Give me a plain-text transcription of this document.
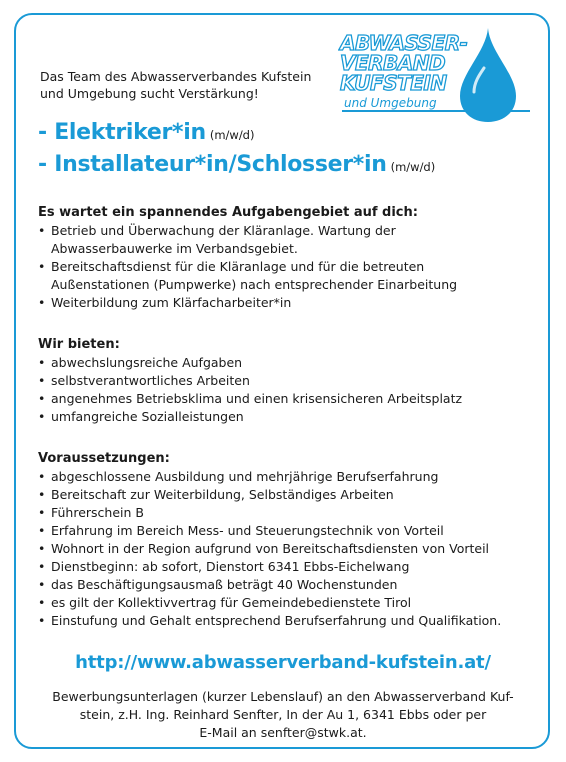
Das Team des Abwasserverbandes Kufstein
und Umgebung sucht Verstärkung!
ABWASSER-
VERBAND
KUFSTEIN
und Umgebung
- Elektriker*in (m/w/d)
- Installateur*in/Schlosser*in (m/w/d)
Es wartet ein spannendes Aufgabengebiet auf dich:
• Betrieb und Überwachung der Kläranlage. Wartung der
Abwasserbauwerke im Verbandsgebiet.
• Bereitschaftsdienst für die Kläranlage und für die betreuten
Außenstationen (Pumpwerke) nach entsprechender Einarbeitung
• Weiterbildung zum Klärfacharbeiter*in
Wir bieten:
• abwechslungsreiche Aufgaben
• selbstverantwortliches Arbeiten
• angenehmes Betriebsklima und einen krisensicheren Arbeitsplatz
• umfangreiche Sozialleistungen
Voraussetzungen:
• abgeschlossene Ausbildung und mehrjährige Berufserfahrung
• Bereitschaft zur Weiterbildung, Selbständiges Arbeiten
• Führerschein B
• Erfahrung im Bereich Mess- und Steuerungstechnik von Vorteil
• Wohnort in der Region aufgrund von Bereitschaftsdiensten von Vorteil
• Dienstbeginn: ab sofort, Dienstort 6341 Ebbs-Eichelwang
• das Beschäftigungsausmaß beträgt 40 Wochenstunden
• es gilt der Kollektivvertrag für Gemeindebedienstete Tirol
• Einstufung und Gehalt entsprechend Berufserfahrung und Qualifikation.
http://www.abwasserverband-kufstein.at/
Bewerbungsunterlagen (kurzer Lebenslauf) an den Abwasserverband Kuf-
stein, z.H. Ing. Reinhard Senfter, In der Au 1, 6341 Ebbs oder per
E-Mail an senfter@stwk.at.
